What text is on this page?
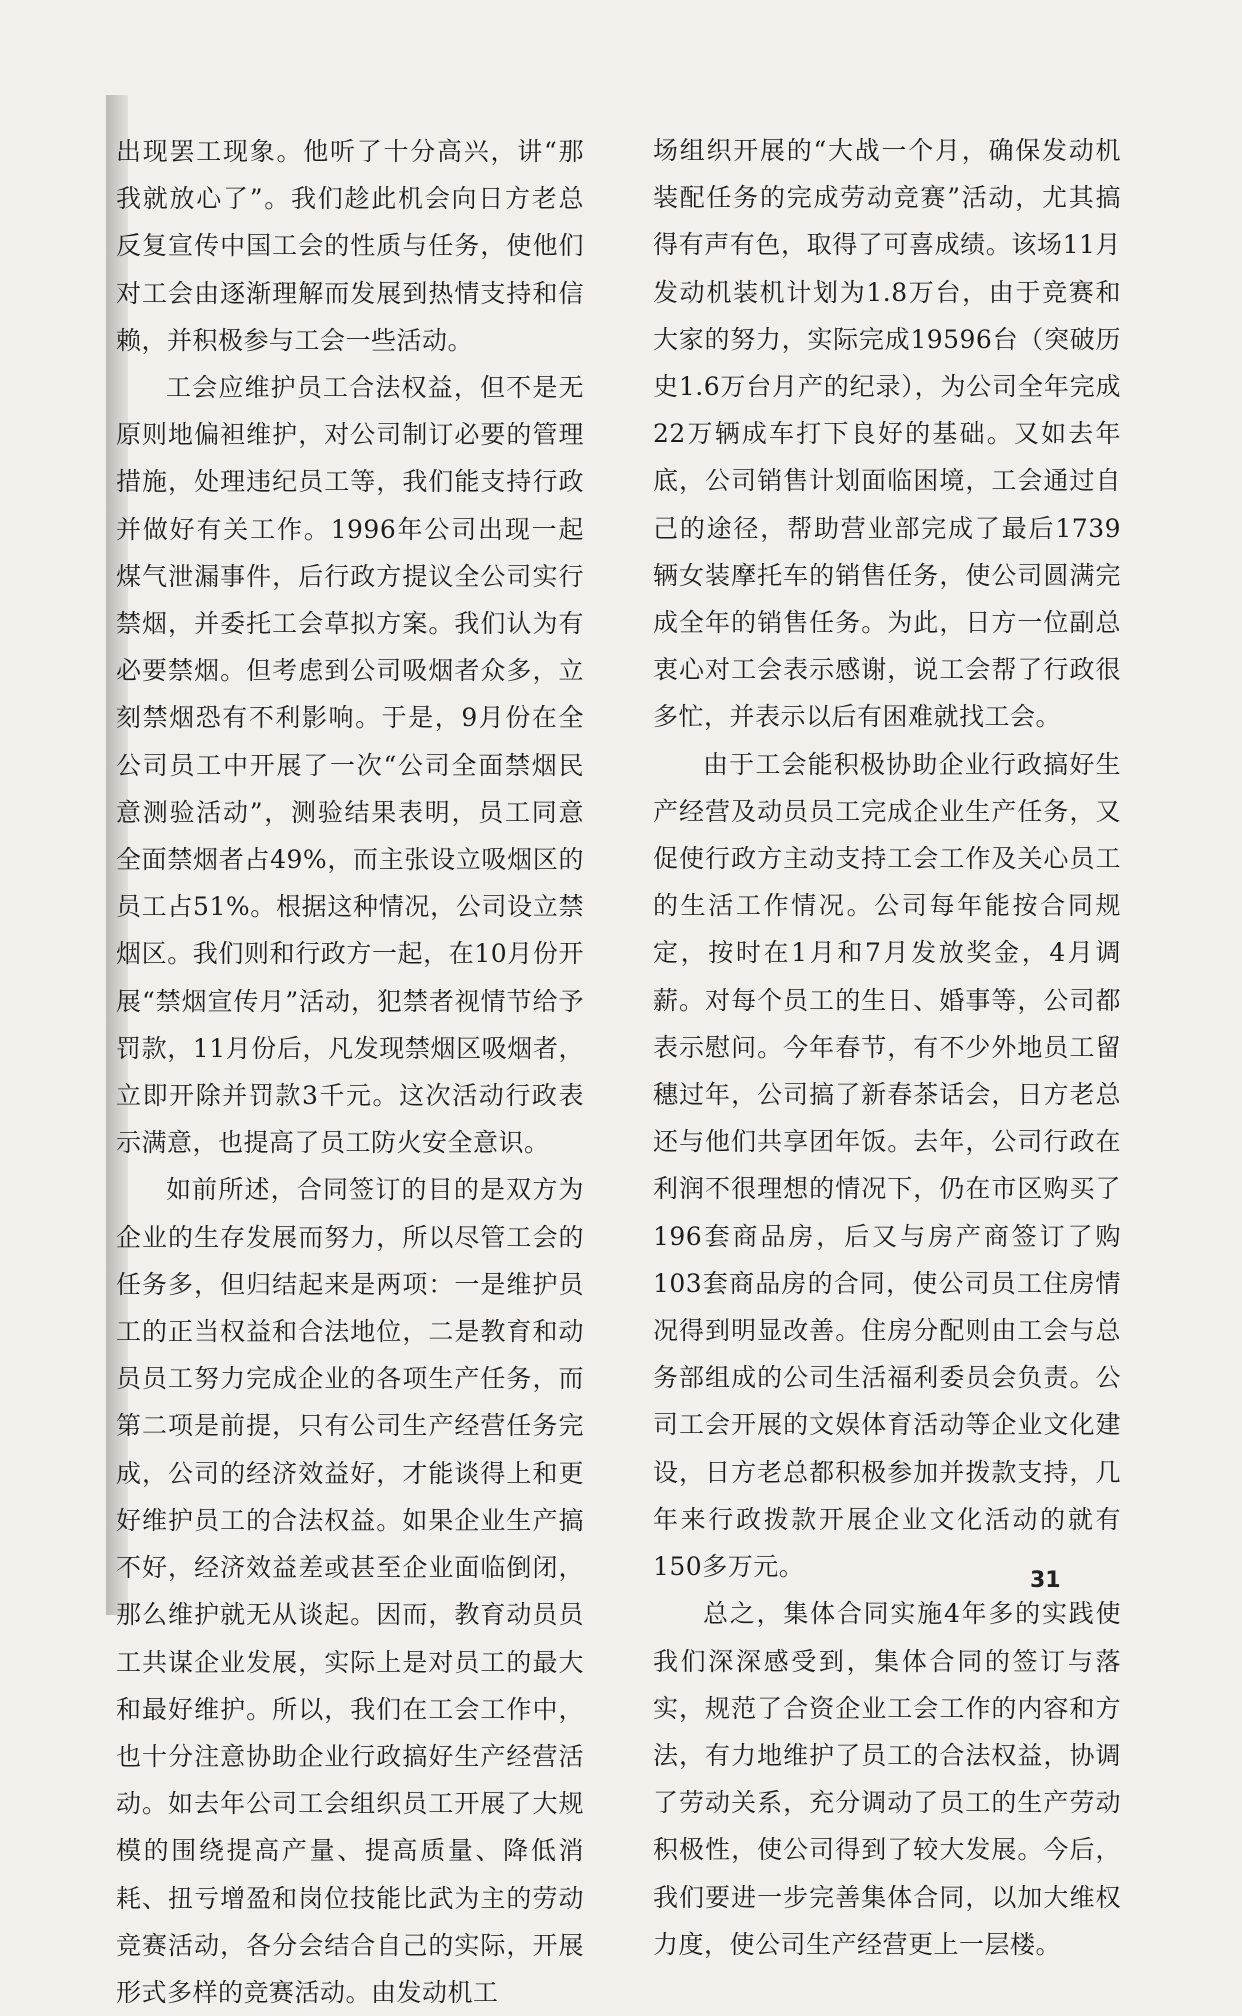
出现罢工现象。他听了十分高兴，讲“那我就放心了”。我们趁此机会向日方老总反复宣传中国工会的性质与任务，使他们对工会由逐渐理解而发展到热情支持和信赖，并积极参与工会一些活动。

工会应维护员工合法权益，但不是无原则地偏袒维护，对公司制订必要的管理措施，处理违纪员工等，我们能支持行政并做好有关工作。1996年公司出现一起煤气泄漏事件，后行政方提议全公司实行禁烟，并委托工会草拟方案。我们认为有必要禁烟。但考虑到公司吸烟者众多，立刻禁烟恐有不利影响。于是，9月份在全公司员工中开展了一次“公司全面禁烟民意测验活动”，测验结果表明，员工同意全面禁烟者占49%，而主张设立吸烟区的员工占51%。根据这种情况，公司设立禁烟区。我们则和行政方一起，在10月份开展“禁烟宣传月”活动，犯禁者视情节给予罚款，11月份后，凡发现禁烟区吸烟者，立即开除并罚款3千元。这次活动行政表示满意，也提高了员工防火安全意识。

如前所述，合同签订的目的是双方为企业的生存发展而努力，所以尽管工会的任务多，但归结起来是两项：一是维护员工的正当权益和合法地位，二是教育和动员员工努力完成企业的各项生产任务，而第二项是前提，只有公司生产经营任务完成，公司的经济效益好，才能谈得上和更好维护员工的合法权益。如果企业生产搞不好，经济效益差或甚至企业面临倒闭，那么维护就无从谈起。因而，教育动员员工共谋企业发展，实际上是对员工的最大和最好维护。所以，我们在工会工作中，也十分注意协助企业行政搞好生产经营活动。如去年公司工会组织员工开展了大规模的围绕提高产量、提高质量、降低消耗、扭亏增盈和岗位技能比武为主的劳动竞赛活动，各分会结合自己的实际，开展形式多样的竞赛活动。由发动机工

场组织开展的“大战一个月，确保发动机装配任务的完成劳动竞赛”活动，尤其搞得有声有色，取得了可喜成绩。该场11月发动机装机计划为1.8万台，由于竞赛和大家的努力，实际完成19596台（突破历史1.6万台月产的纪录），为公司全年完成22万辆成车打下良好的基础。又如去年底，公司销售计划面临困境，工会通过自己的途径，帮助营业部完成了最后1739辆女装摩托车的销售任务，使公司圆满完成全年的销售任务。为此，日方一位副总衷心对工会表示感谢，说工会帮了行政很多忙，并表示以后有困难就找工会。

由于工会能积极协助企业行政搞好生产经营及动员员工完成企业生产任务，又促使行政方主动支持工会工作及关心员工的生活工作情况。公司每年能按合同规定，按时在1月和7月发放奖金，4月调薪。对每个员工的生日、婚事等，公司都表示慰问。今年春节，有不少外地员工留穗过年，公司搞了新春茶话会，日方老总还与他们共享团年饭。去年，公司行政在利润不很理想的情况下，仍在市区购买了196套商品房，后又与房产商签订了购103套商品房的合同，使公司员工住房情况得到明显改善。住房分配则由工会与总务部组成的公司生活福利委员会负责。公司工会开展的文娱体育活动等企业文化建设，日方老总都积极参加并拨款支持，几年来行政拨款开展企业文化活动的就有150多万元。

总之，集体合同实施4年多的实践使我们深深感受到，集体合同的签订与落实，规范了合资企业工会工作的内容和方法，有力地维护了员工的合法权益，协调了劳动关系，充分调动了员工的生产劳动积极性，使公司得到了较大发展。今后，我们要进一步完善集体合同，以加大维权力度，使公司生产经营更上一层楼。

31
